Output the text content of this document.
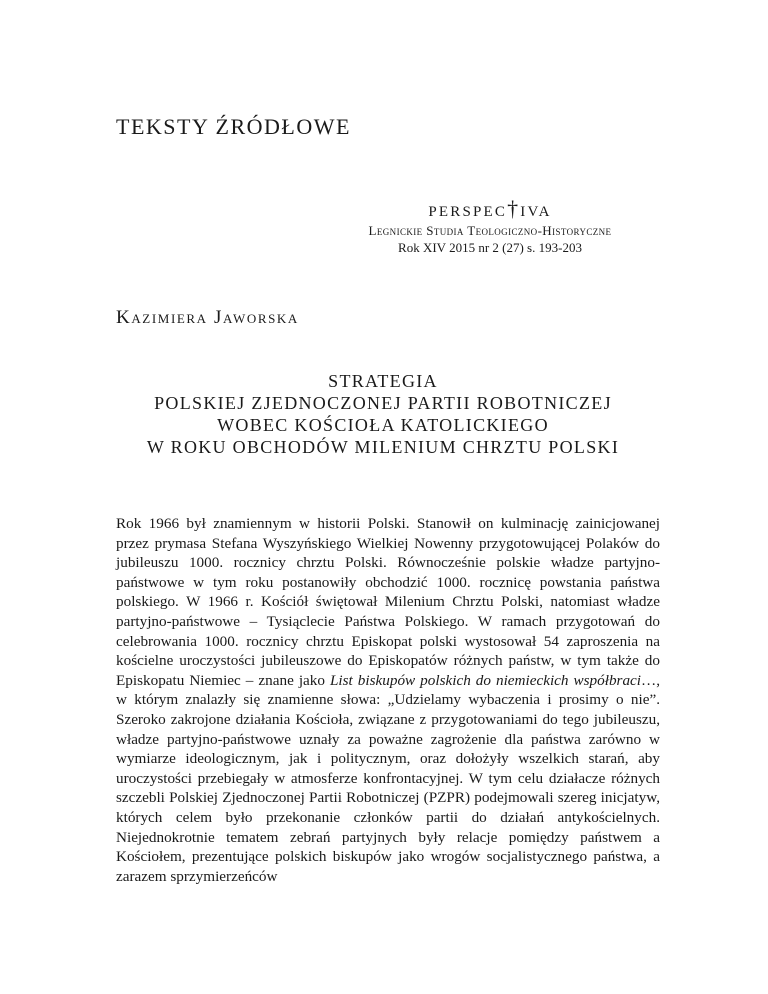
TEKSTY ŹRÓDŁOWE
perspec†iva
Legnickie Studia Teologiczno-Historyczne
Rok XIV 2015 nr 2 (27) s. 193-203
Kazimiera Jaworska
STRATEGIA
POLSKIEJ ZJEDNOCZONEJ PARTII ROBOTNICZEJ
WOBEC KOŚCIOŁA KATOLICKIEGO
W ROKU OBCHODÓW MILENIUM CHRZTU POLSKI

Rok 1966 był znamiennym w historii Polski. Stanowił on kulminację zainicjowanej przez prymasa Stefana Wyszyńskiego Wielkiej Nowenny przygotowującej Polaków do jubileuszu 1000. rocznicy chrztu Polski. Równocześnie polskie władze partyjno-państwowe w tym roku postanowiły obchodzić 1000. rocznicę powstania państwa polskiego. W 1966 r. Kościół świętował Milenium Chrztu Polski, natomiast władze partyjno-państwowe – Tysiąclecie Państwa Polskiego. W ramach przygotowań do celebrowania 1000. rocznicy chrztu Episkopat polski wystosował 54 zaproszenia na kościelne uroczystości jubileuszowe do Episkopatów różnych państw, w tym także do Episkopatu Niemiec – znane jako List biskupów polskich do niemieckich współbraci…, w którym znalazły się znamienne słowa: „Udzielamy wybaczenia i prosimy o nie”. Szeroko zakrojone działania Kościoła, związane z przygotowaniami do tego jubileuszu, władze partyjno-państwowe uznały za poważne zagrożenie dla państwa zarówno w wymiarze ideologicznym, jak i politycznym, oraz dołożyły wszelkich starań, aby uroczystości przebiegały w atmosferze konfrontacyjnej. W tym celu działacze różnych szczebli Polskiej Zjednoczonej Partii Robotniczej (PZPR) podejmowali szereg inicjatyw, których celem było przekonanie członków partii do działań antykościelnych. Niejednokrotnie tematem zebrań partyjnych były relacje pomiędzy państwem a Kościołem, prezentujące polskich biskupów jako wrogów socjalistycznego państwa, a zarazem sprzymierzeńców
